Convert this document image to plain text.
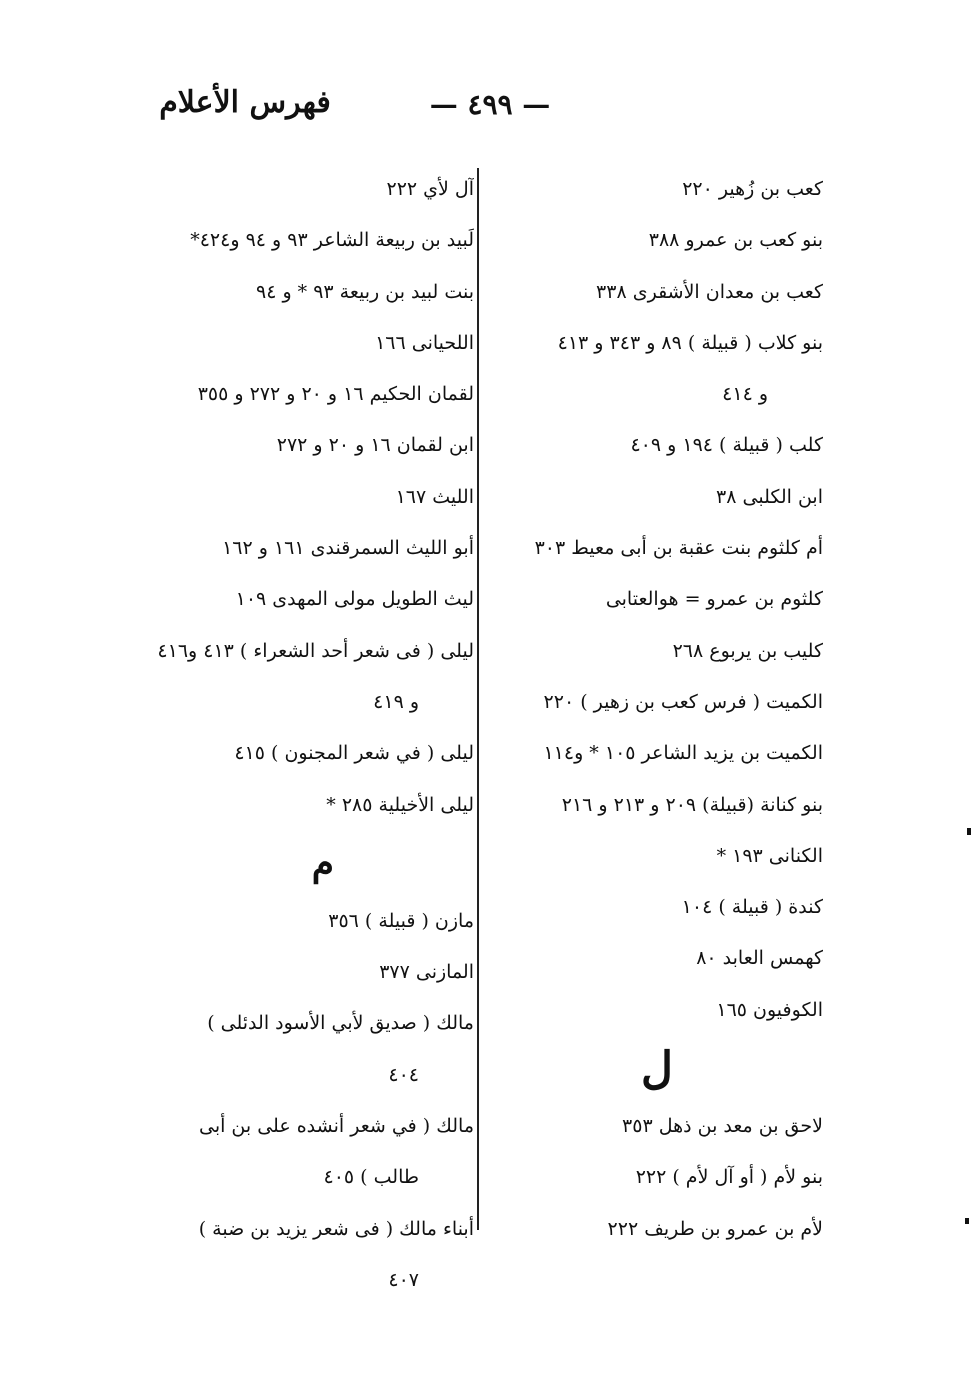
فهرس الأعلام	— ٤٩٩ —
كعب بن زُهير ٢٢٠
بنو كعب بن عمرو ٣٨٨
كعب بن معدان الأشقرى ٣٣٨
بنو كلاب ( قبيلة ) ٨٩ و ٣٤٣ و ٤١٣
و ٤١٤
كلب ( قبيلة ) ١٩٤ و ٤٠٩
ابن الكلبى ٣٨
أم كلثوم بنت عقبة بن أبى معيط ٣٠٣
كلثوم بن عمرو = هوالعتابى
كليب بن يربوع ٢٦٨
الكميت ( فرس كعب بن زهير ) ٢٢٠
الكميت بن يزيد الشاعر ١٠٥ * و١١٤
بنو كنانة (قبيلة) ٢٠٩ و ٢١٣ و ٢١٦
الكنانى ١٩٣ *
كندة ( قبيلة ) ١٠٤
كهمس العابد ٨٠
الكوفيون ١٦٥
ل
لاحق بن معد بن ذهل ٣٥٣
بنو لأم ( أو آل لأم ) ٢٢٢
لأم بن عمرو بن طريف ٢٢٢
آل لأي ٢٢٢
لَبيد بن ربيعة الشاعر ٩٣ و ٩٤ و٤٢٤*
بنت لبيد بن ربيعة ٩٣ * و ٩٤
اللحيانى ١٦٦
لقمان الحكيم ١٦ و ٢٠ و ٢٧٢ و ٣٥٥
ابن لقمان ١٦ و ٢٠ و ٢٧٢
الليث ١٦٧
أبو الليث السمرقندى ١٦١ و ١٦٢
ليث الطويل مولى المهدى ١٠٩
ليلى ( فى شعر أحد الشعراء ) ٤١٣ و٤١٦
و ٤١٩
ليلى ( في شعر المجنون ) ٤١٥
ليلى الأخيلية ٢٨٥ *
م
مازن ( قبيلة ) ٣٥٦
المازنى ٣٧٧
مالك ( صديق لأبي الأسود الدئلى )
٤٠٤
مالك ( في شعر أنشده على بن أبى
طالب ) ٤٠٥
أبناء مالك ( فى شعر يزيد بن ضبة )
٤٠٧
